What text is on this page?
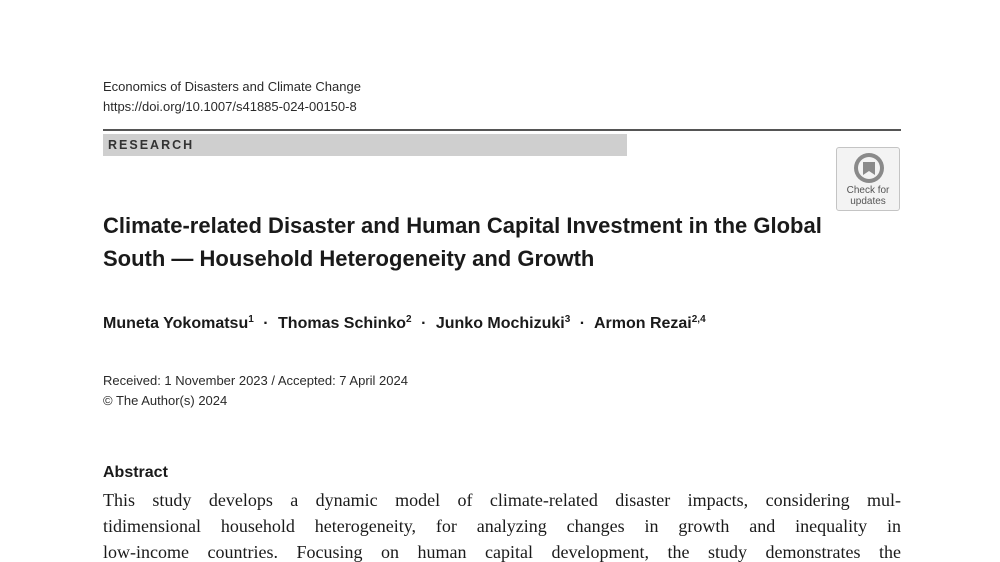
Economics of Disasters and Climate Change
https://doi.org/10.1007/s41885-024-00150-8
RESEARCH
Check for
updates
Climate-related Disaster and Human Capital Investment in the Global South — Household Heterogeneity and Growth
Muneta Yokomatsu$^1$ · Thomas Schinko$^2$ · Junko Mochizuki$^3$ · Armon Rezai$^{2,4}$
Received: 1 November 2023 / Accepted: 7 April 2024
© The Author(s) 2024
Abstract
This study develops a dynamic model of climate-related disaster impacts, considering mul-
tidimensional household heterogeneity, for analyzing changes in growth and inequality in
low-income countries. Focusing on human capital development, the study demonstrates the
